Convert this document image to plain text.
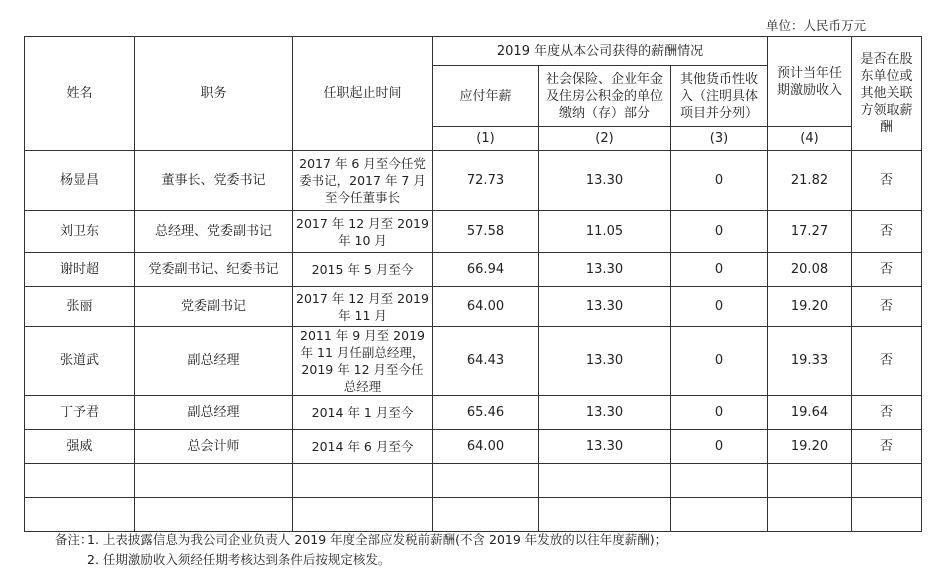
单位：人民币万元
姓名	职务	任职起止时间	2019 年度从本公司获得的薪酬情况			预计当年任期激励收入	是否在股东单位或其他关联方领取薪酬
			应付年薪	社会保险、企业年金及住房公积金的单位缴纳（存）部分	其他货币性收入（注明具体项目并分列）		
			(1)	(2)	(3)	(4)	
杨显昌	董事长、党委书记	2017 年 6 月至今任党委书记，2017 年 7 月至今任董事长	72.73	13.30	0	21.82	否
刘卫东	总经理、党委副书记	2017 年 12 月至 2019 年 10 月	57.58	11.05	0	17.27	否
谢时超	党委副书记、纪委书记	2015 年 5 月至今	66.94	13.30	0	20.08	否
张丽	党委副书记	2017 年 12 月至 2019 年 11 月	64.00	13.30	0	19.20	否
张道武	副总经理	2011 年 9 月至 2019 年 11 月任副总经理，2019 年 12 月至今任总经理	64.43	13.30	0	19.33	否
丁予君	副总经理	2014 年 1 月至今	65.46	13.30	0	19.64	否
强威	总会计师	2014 年 6 月至今	64.00	13.30	0	19.20	否

备注：1. 上表披露信息为我公司企业负责人 2019 年度全部应发税前薪酬(不含 2019 年发放的以往年度薪酬)；
2. 任期激励收入须经任期考核达到条件后按规定核发。
